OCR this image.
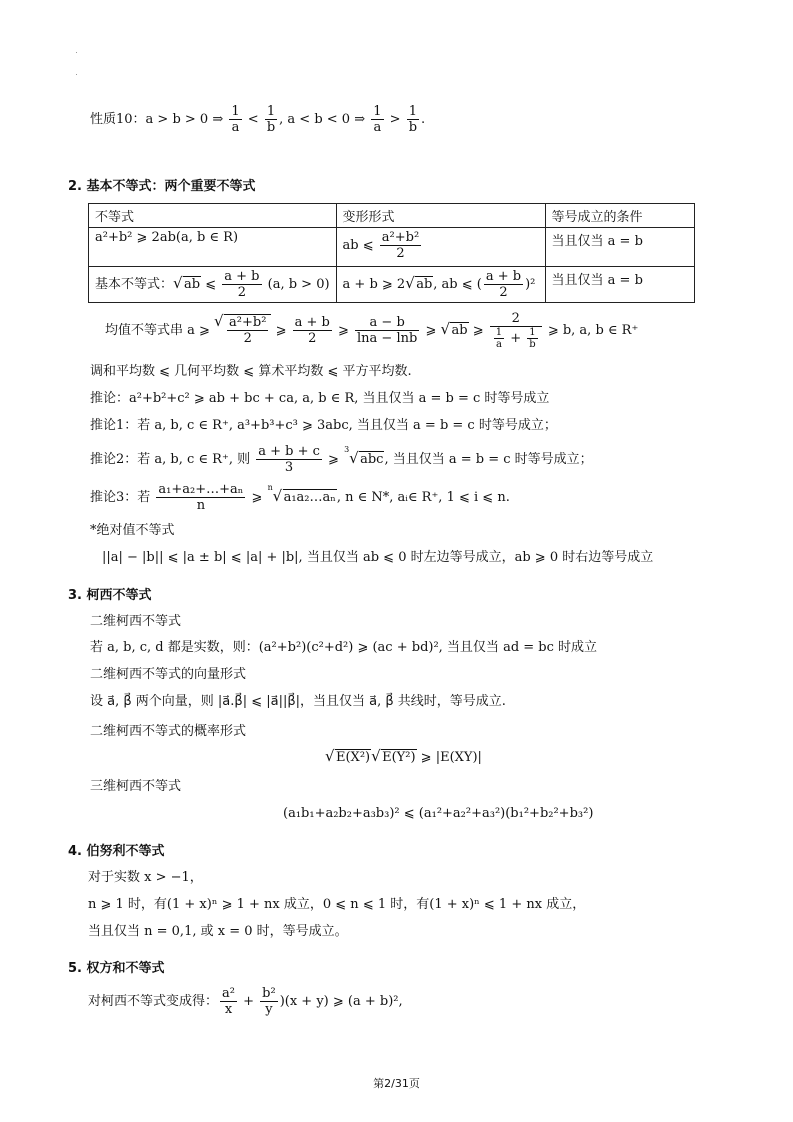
性质10：a > b > 0 ⇒ $\frac{1}{a} < \frac{1}{b}$ , a < b < 0 ⇒ $\frac{1}{a} > \frac{1}{b}$ .
2. 基本不等式：两个重要不等式
不等式	变形形式	等号成立的条件
a²+b² ⩾ 2ab(a, b ∈ R)	ab ⩽ $\frac{\text{a²+b²}}{2}$	当且仅当 a = b
基本不等式： √ ab ⩽ $\frac{a + b}{2} (a$, b > 0)	a + b ⩾ 2 √ ab, ab ⩽ ( $\frac{a + b}{2} )^2$	当且仅当 a = b
均值不等式串 a ⩾ √ $\frac{\text{a²+b²}}{2}$ ⩾ $\frac{a + b}{2}$ ⩾ $\frac{a - b}{\ln a - \ln b}$ ⩾ √ ab ⩾ $\frac{2}{\frac{1}{a} + \frac{1}{b}}$ ⩾ b, a, b ∈ R⁺
调和平均数 ⩽ 几何平均数 ⩽ 算术平均数 ⩽ 平方平均数.
推论：a²+b²+c² ⩾ ab + bc + ca, a, b ∈ R, 当且仅当 a = b = c 时等号成立
推论1：若 a, b, c ∈ R⁺, a³+b³+c³ ⩾ 3abc, 当且仅当 a = b = c 时等号成立；
推论2：若 a, b, c ∈ R⁺, 则 $\frac{a + b + c}{3}$ ⩾
√ 3
abc, 当且仅当 a = b = c 时等号成立；
推论3：若 $\frac{\text{a₁+a₂+…+aₙ}}{n}$ ⩾
√ n
a₁a₂…aₙ, n ∈ N*, aᵢ∈ R⁺, 1 ⩽ i ⩽ n.
*绝对值不等式
||a| − |b|| ⩽ |a ± b| ⩽ |a| + |b|, 当且仅当 ab ⩽ 0 时左边等号成立，ab ⩾ 0 时右边等号成立
3. 柯西不等式
二维柯西不等式
若 a, b, c, d 都是实数，则：(a²+b²)(c²+d²) ⩾ (ac + bd)², 当且仅当 ad = bc 时成立
二维柯西不等式的向量形式
设 a⃗, β⃗ 两个向量，则 |a⃗.β⃗| ⩽ |a⃗||β⃗|，当且仅当 a⃗, β⃗ 共线时，等号成立.
二维柯西不等式的概率形式
√ E(X²) √ E(Y²) ⩾ |E(XY)|
三维柯西不等式
(a₁b₁+a₂b₂+a₃b₃)² ⩽ (a₁²+a₂²+a₃²)(b₁²+b₂²+b₃²)
4. 伯努利不等式
对于实数 x > −1，
n ⩾ 1 时，有(1 + x)ⁿ ⩾ 1 + nx 成立，0 ⩽ n ⩽ 1 时，有(1 + x)ⁿ ⩽ 1 + nx 成立，
当且仅当 n = 0,1, 或 x = 0 时，等号成立。
5. 权方和不等式
对柯西不等式变成得： $\frac{\text{a²}}{x} + \frac{\text{b²}}{y} )(x + y)$ ⩾ (a + b)²,
第2/31页
